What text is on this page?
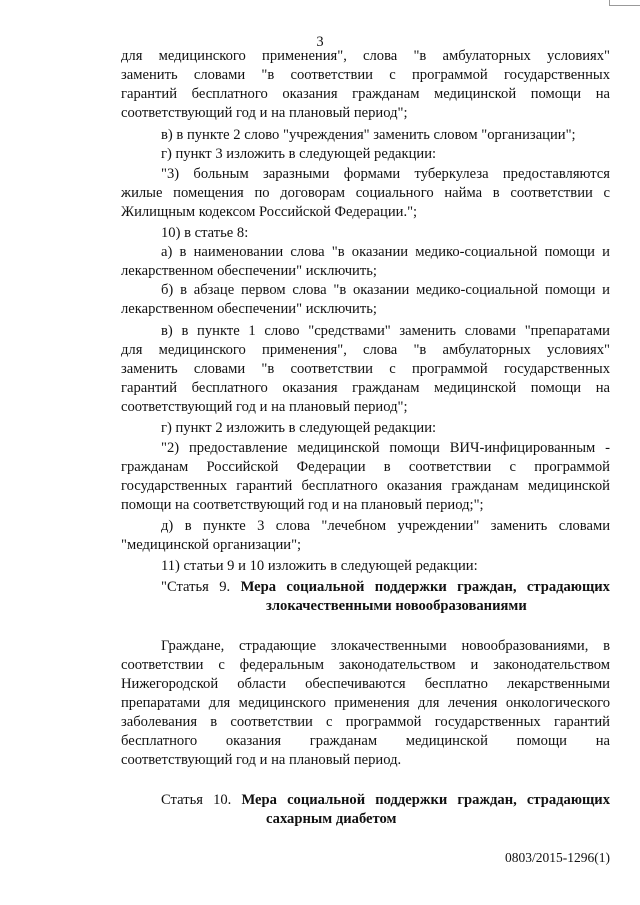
3
для медицинского применения", слова "в амбулаторных условиях"
заменить словами "в соответствии с программой государственных
гарантий бесплатного оказания гражданам медицинской помощи на
соответствующий год и на плановый период";
в) в пункте 2 слово "учреждения" заменить словом "организации";
г) пункт 3 изложить в следующей редакции:
"3) больным заразными формами туберкулеза предоставляются
жилые помещения по договорам социального найма в соответствии с
Жилищным кодексом Российской Федерации.";
10) в статье 8:
а) в наименовании слова "в оказании медико-социальной помощи и
лекарственном обеспечении" исключить;
б) в абзаце первом слова "в оказании медико-социальной помощи и
лекарственном обеспечении" исключить;
в) в пункте 1 слово "средствами" заменить словами "препаратами
для медицинского применения", слова "в амбулаторных условиях"
заменить словами "в соответствии с программой государственных
гарантий бесплатного оказания гражданам медицинской помощи на
соответствующий год и на плановый период";
г) пункт 2 изложить в следующей редакции:
"2) предоставление медицинской помощи ВИЧ-инфицированным -
гражданам Российской Федерации в соответствии с программой
государственных гарантий бесплатного оказания гражданам медицинской
помощи на соответствующий год и на плановый период;";
д) в пункте 3 слова "лечебном учреждении" заменить словами
"медицинской организации";
11) статьи 9 и 10 изложить в следующей редакции:
"Статья 9. Мера социальной поддержки граждан, страдающих
злокачественными новообразованиями
Граждане, страдающие злокачественными новообразованиями, в
соответствии с федеральным законодательством и законодательством
Нижегородской области обеспечиваются бесплатно лекарственными
препаратами для медицинского применения для лечения онкологического
заболевания в соответствии с программой государственных гарантий
бесплатного оказания гражданам медицинской помощи на
соответствующий год и на плановый период.
Статья 10. Мера социальной поддержки граждан, страдающих
сахарным диабетом
0803/2015-1296(1)
